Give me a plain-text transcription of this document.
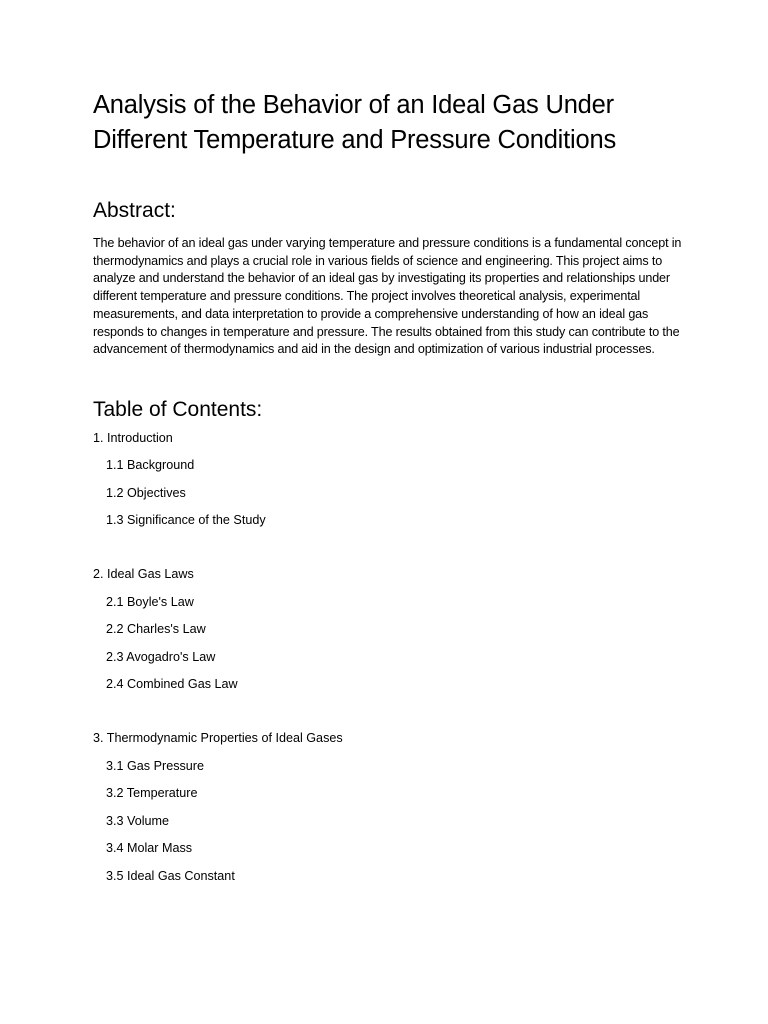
Analysis of the Behavior of an Ideal Gas Under Different Temperature and Pressure Conditions
Abstract:

The behavior of an ideal gas under varying temperature and pressure conditions is a fundamental concept in thermodynamics and plays a crucial role in various fields of science and engineering. This project aims to analyze and understand the behavior of an ideal gas by investigating its properties and relationships under different temperature and pressure conditions. The project involves theoretical analysis, experimental measurements, and data interpretation to provide a comprehensive understanding of how an ideal gas responds to changes in temperature and pressure. The results obtained from this study can contribute to the advancement of thermodynamics and aid in the design and optimization of various industrial processes.

Table of Contents:
1. Introduction
1.1 Background
1.2 Objectives
1.3 Significance of the Study
2. Ideal Gas Laws
2.1 Boyle's Law
2.2 Charles's Law
2.3 Avogadro's Law
2.4 Combined Gas Law
3. Thermodynamic Properties of Ideal Gases
3.1 Gas Pressure
3.2 Temperature
3.3 Volume
3.4 Molar Mass
3.5 Ideal Gas Constant
